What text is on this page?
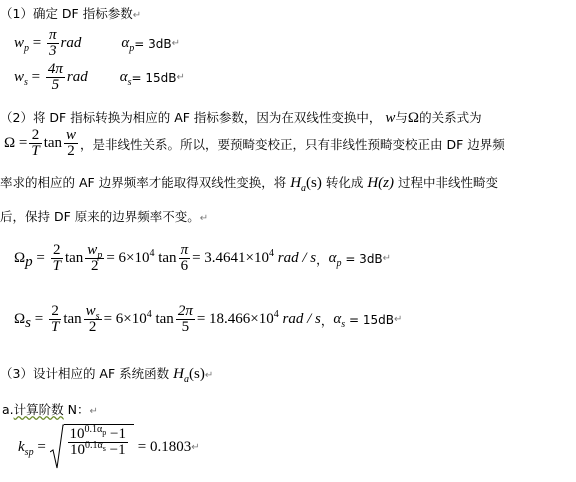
（1）确定 DF 指标参数↵
$w_p = \frac{\pi}{3}$ rad	$\alpha_p = 3dB$ ↵
$w_s = \frac{4\pi}{5}$ rad $\alpha_s = 15dB$ ↵
（2）将 DF 指标转换为相应的 AF 指标参数，因为在双线性变换中， w与Ω的关系式为
$\Omega = \frac{2}{T}$ $\tan \frac{w}{2}$ ，是非线性关系。所以，要预畸变校正，只有非线性预畸变校正由 DF 边界频
率求的相应的 AF 边界频率才能取得双线性变换，将 $H_a(s)$ 转化成 H(z) 过程中非线性畸变
后，保持 DF 原来的边界频率不变。↵
$\Omega_p = \frac{2}{T}$ $\tan \frac{w_p}{2} = 6\times 10^4$ $\tan \frac{\pi}{6} = 3.4641\times 10^4$ rad / s ， $\alpha_p = 3dB$ ↵
$\Omega_s = \frac{2}{T}$ $\tan \frac{w_s}{2} = 6\times 10^4$ $\tan \frac{2\pi}{5} = 18.466\times 10^4$ rad / s ， $\alpha_s = 15dB$ ↵
（3）设计相应的 AF 系统函数 $H_a(s)↵$
a.计算阶数 N：↵
$k_{sp} = \frac{10^{0.1\alpha_p} -1}{10^{0.1\alpha_s} -1} = 0.1803$ ↵
